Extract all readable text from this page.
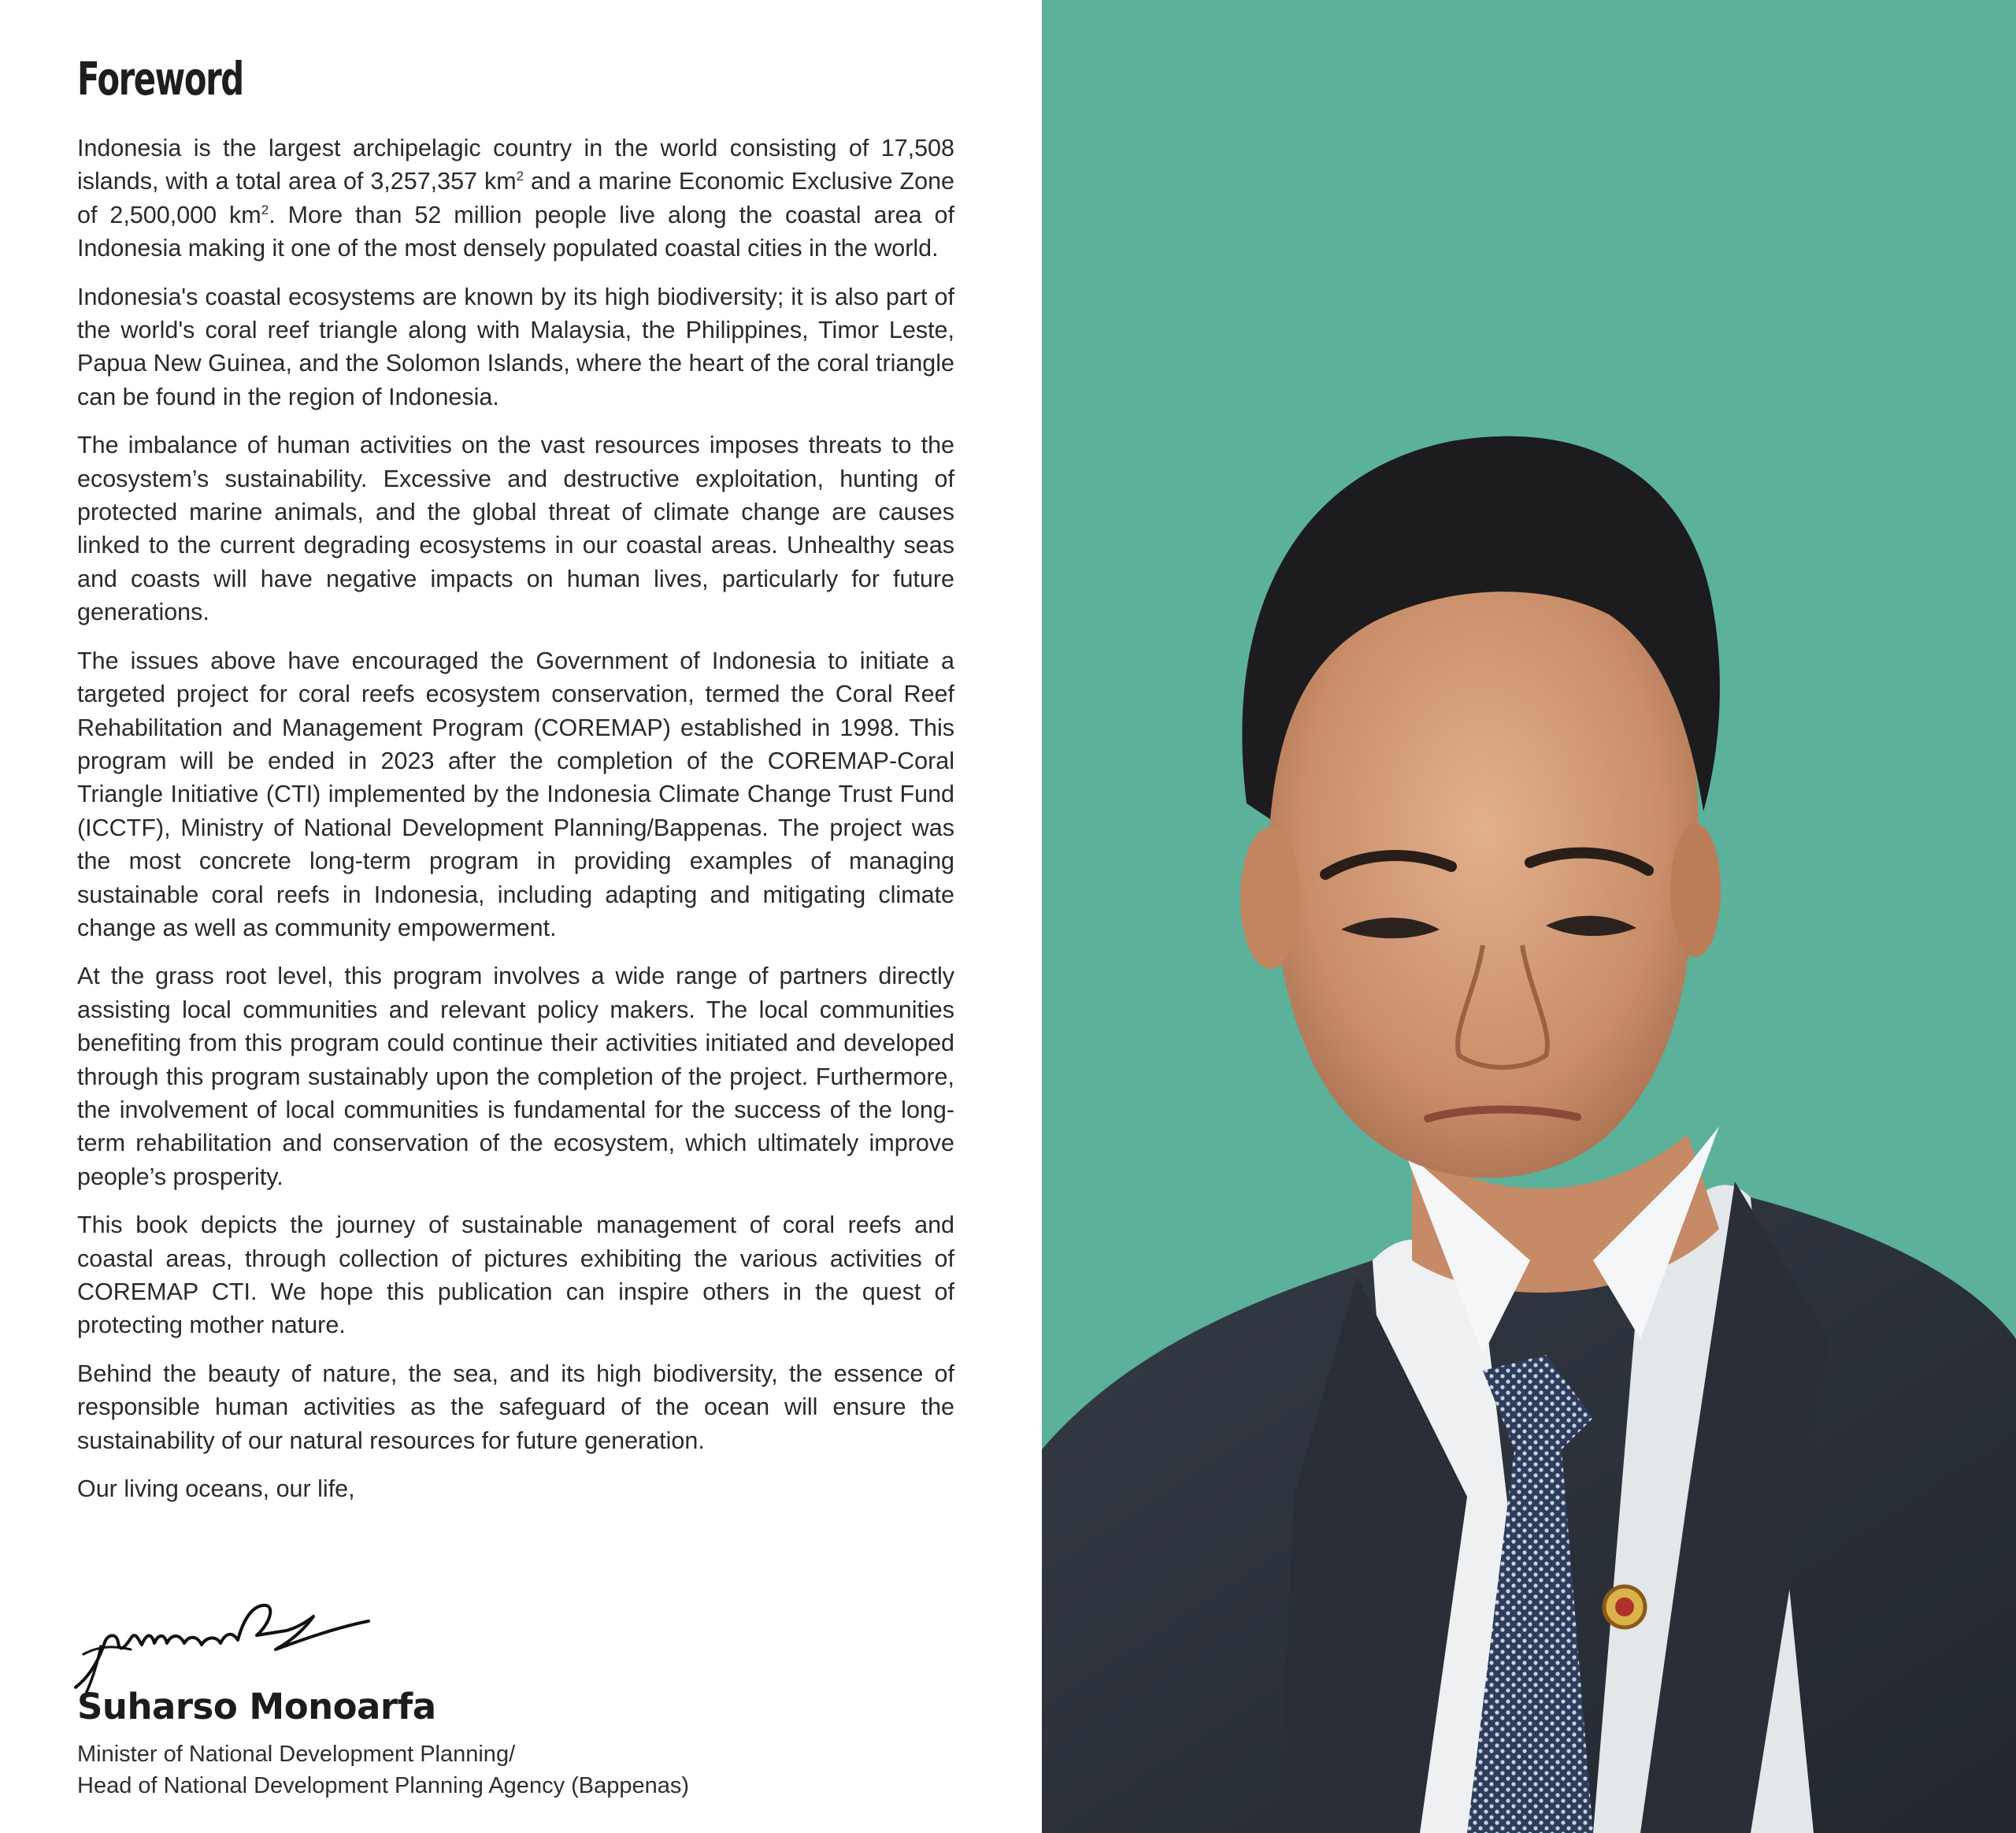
Foreword

Indonesia is the largest archipelagic country in the world consisting of 17,508 islands, with a total area of 3,257,357 $km^2$ and a marine Economic Exclusive Zone of 2,500,000 $km^2$. More than 52 million people live along the coastal area of Indonesia making it one of the most densely populated coastal cities in the world.

Indonesia's coastal ecosystems are known by its high biodiversity; it is also part of the world's coral reef triangle along with Malaysia, the Philippines, Timor Leste, Papua New Guinea, and the Solomon Islands, where the heart of the coral triangle can be found in the region of Indonesia.

The imbalance of human activities on the vast resources imposes threats to the ecosystem’s sustainability. Excessive and destructive exploitation, hunting of protected marine animals, and the global threat of climate change are causes linked to the current degrading ecosystems in our coastal areas. Unhealthy seas and coasts will have negative impacts on human lives, particularly for future generations.

The issues above have encouraged the Government of Indonesia to initiate a targeted project for coral reefs ecosystem conservation, termed the Coral Reef Rehabilitation and Management Program (COREMAP) established in 1998. This program will be ended in 2023 after the completion of the COREMAP-Coral Triangle Initiative (CTI) implemented by the Indonesia Climate Change Trust Fund (ICCTF), Ministry of National Development Planning/Bappenas. The project was the most concrete long-term program in providing examples of managing sustainable coral reefs in Indonesia, including adapting and mitigating climate change as well as community empowerment.

At the grass root level, this program involves a wide range of partners directly assisting local communities and relevant policy makers. The local communities benefiting from this program could continue their activities initiated and developed through this program sustainably upon the completion of the project. Furthermore, the involvement of local communities is fundamental for the success of the long-term rehabilitation and conservation of the ecosystem, which ultimately improve people’s prosperity.

This book depicts the journey of sustainable management of coral reefs and coastal areas, through collection of pictures exhibiting the various activities of COREMAP CTI. We hope this publication can inspire others in the quest of protecting mother nature.

Behind the beauty of nature, the sea, and its high biodiversity, the essence of responsible human activities as the safeguard of the ocean will ensure the sustainability of our natural resources for future generation.

Our living oceans, our life,

Suharso Monoarfa
Minister of National Development Planning/
Head of National Development Planning Agency (Bappenas)
